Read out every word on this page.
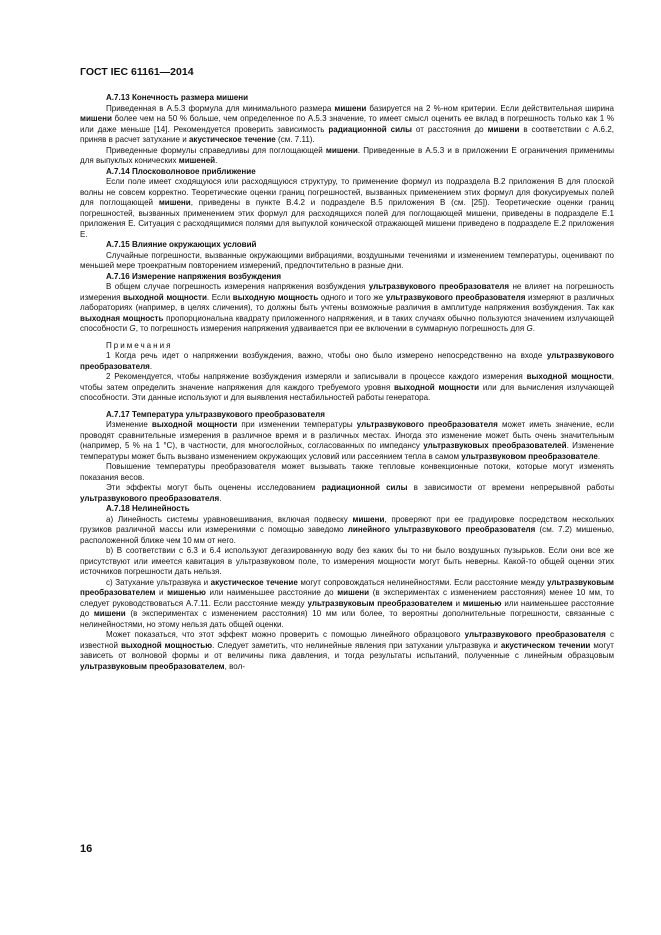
ГОСТ IEC 61161—2014

А.7.13 Конечность размера мишени

Приведенная в А.5.3 формула для минимального размера мишени базируется на 2 %-ном критерии. Если действительная ширина мишени более чем на 50 % больше, чем определенное по А.5.3 значение, то имеет смысл оценить ее вклад в погрешность только как 1 % или даже меньше [14]. Рекомендуется проверить зависимость радиационной силы от расстояния до мишени в соответствии с А.6.2, приняв в расчет затухание и акустическое течение (см. 7.11).

Приведенные формулы справедливы для поглощающей мишени. Приведенные в А.5.3 и в приложении Е ограничения применимы для выпуклых конических мишеней.

А.7.14 Плосковолновое приближение

Если поле имеет сходящуюся или расходящуюся структуру, то применение формул из подраздела В.2 приложения В для плоской волны не совсем корректно. Теоретические оценки границ погрешностей, вызванных применением этих формул для фокусируемых полей для поглощающей мишени, приведены в пункте В.4.2 и подразделе В.5 приложения В (см. [25]). Теоретические оценки границ погрешностей, вызванных применением этих формул для расходящихся полей для поглощающей мишени, приведены в подразделе Е.1 приложения Е. Ситуация с расходящимися полями для выпуклой конической отражающей мишени приведено в подразделе Е.2 приложения Е.

А.7.15 Влияние окружающих условий

Случайные погрешности, вызванные окружающими вибрациями, воздушными течениями и изменением температуры, оценивают по меньшей мере троекратным повторением измерений, предпочтительно в разные дни.

А.7.16 Измерение напряжения возбуждения

В общем случае погрешность измерения напряжения возбуждения ультразвукового преобразователя не влияет на погрешность измерения выходной мощности. Если выходную мощность одного и того же ультразвукового преобразователя измеряют в различных лабораториях (например, в целях сличения), то должны быть учтены возможные различия в амплитуде напряжения возбуждения. Так как выходная мощность пропорциональна квадрату приложенного напряжения, и в таких случаях обычно пользуются значением излучающей способности G, то погрешность измерения напряжения удваивается при ее включении в суммарную погрешность для G.

Примечания

1 Когда речь идет о напряжении возбуждения, важно, чтобы оно было измерено непосредственно на входе ультразвукового преобразователя.

2 Рекомендуется, чтобы напряжение возбуждения измеряли и записывали в процессе каждого измерения выходной мощности, чтобы затем определить значение напряжения для каждого требуемого уровня выходной мощности или для вычисления излучающей способности. Эти данные используют и для выявления нестабильностей работы генератора.

А.7.17 Температура ультразвукового преобразователя

Изменение выходной мощности при изменении температуры ультразвукового преобразователя может иметь значение, если проводят сравнительные измерения в различное время и в различных местах. Иногда это изменение может быть очень значительным (например, 5 % на 1 °С), в частности, для многослойных, согласованных по импедансу ультразвуковых преобразователей. Изменение температуры может быть вызвано изменением окружающих условий или рассеянием тепла в самом ультразвуковом преобразователе.

Повышение температуры преобразователя может вызывать также тепловые конвекционные потоки, которые могут изменять показания весов.

Эти эффекты могут быть оценены исследованием радиационной силы в зависимости от времени непрерывной работы ультразвукового преобразователя.

А.7.18 Нелинейность

а) Линейность системы уравновешивания, включая подвеску мишени, проверяют при ее градуировке посредством нескольких грузиков различной массы или измерениями с помощью заведомо линейного ультразвукового преобразователя (см. 7.2) мишенью, расположенной ближе чем 10 мм от него.

b) В соответствии с 6.3 и 6.4 используют дегазированную воду без каких бы то ни было воздушных пузырьков. Если они все же присутствуют или имеется кавитация в ультразвуковом поле, то измерения мощности могут быть неверны. Какой-то общей оценки этих источников погрешности дать нельзя.

с) Затухание ультразвука и акустическое течение могут сопровождаться нелинейностями. Если расстояние между ультразвуковым преобразователем и мишенью или наименьшее расстояние до мишени (в экспериментах с изменением расстояния) менее 10 мм, то следует руководствоваться А.7.11. Если расстояние между ультразвуковым преобразователем и мишенью или наименьшее расстояние до мишени (в экспериментах с изменением расстояния) 10 мм или более, то вероятны дополнительные погрешности, связанные с нелинейностями, но этому нельзя дать общей оценки.

Может показаться, что этот эффект можно проверить с помощью линейного образцового ультразвукового преобразователя с известной выходной мощностью. Следует заметить, что нелинейные явления при затухании ультразвука и акустическом течении могут зависеть от волновой формы и от величины пика давления, и тогда результаты испытаний, полученные с линейным образцовым ультразвуковым преобразователем, вол-

16
